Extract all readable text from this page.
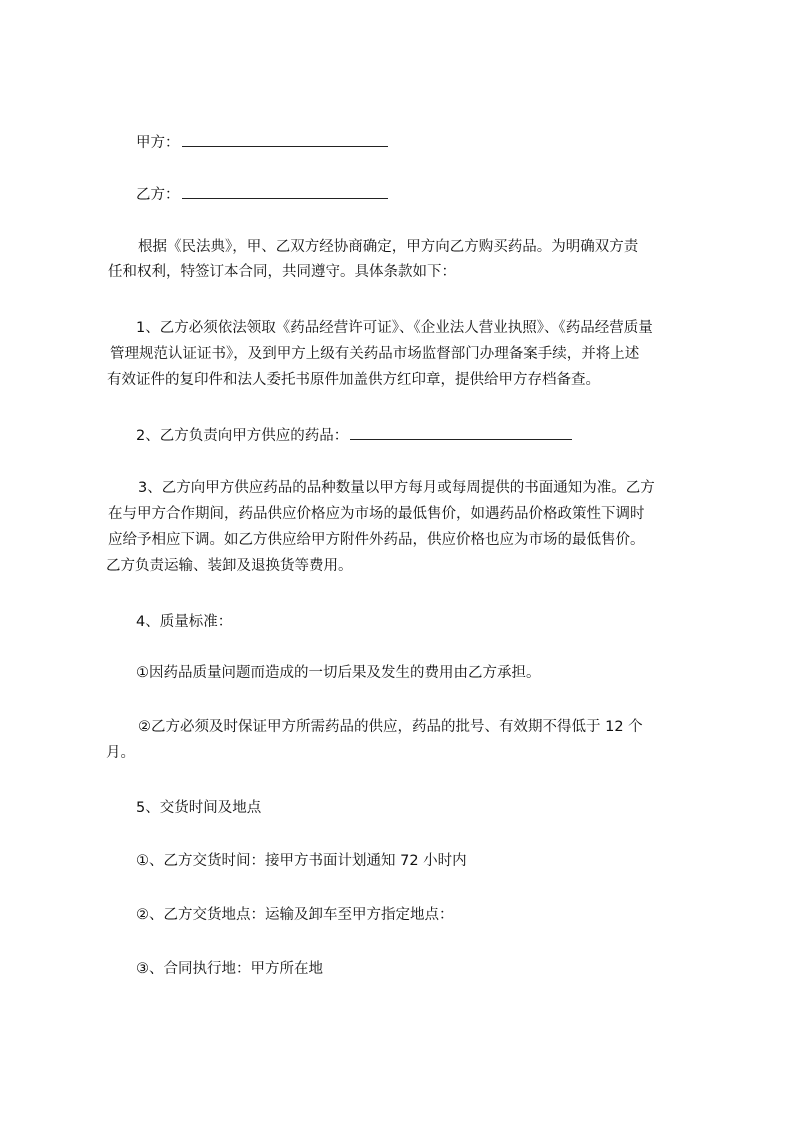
甲方：
乙方：
根据《民法典》，甲、乙双方经协商确定，甲方向乙方购买药品。为明确双方责
任和权利，特签订本合同，共同遵守。具体条款如下：
1、乙方必须依法领取《药品经营许可证》、《企业法人营业执照》、《药品经营质量
管理规范认证证书》，及到甲方上级有关药品市场监督部门办理备案手续，并将上述
有效证件的复印件和法人委托书原件加盖供方红印章，提供给甲方存档备查。
2、乙方负责向甲方供应的药品：
3、乙方向甲方供应药品的品种数量以甲方每月或每周提供的书面通知为准。乙方
在与甲方合作期间，药品供应价格应为市场的最低售价，如遇药品价格政策性下调时
应给予相应下调。如乙方供应给甲方附件外药品，供应价格也应为市场的最低售价。
乙方负责运输、装卸及退换货等费用。
4、质量标准：
①因药品质量问题而造成的一切后果及发生的费用由乙方承担。
②乙方必须及时保证甲方所需药品的供应，药品的批号、有效期不得低于 12 个
月。
5、交货时间及地点
①、乙方交货时间：接甲方书面计划通知 72 小时内
②、乙方交货地点：运输及卸车至甲方指定地点：
③、合同执行地：甲方所在地
